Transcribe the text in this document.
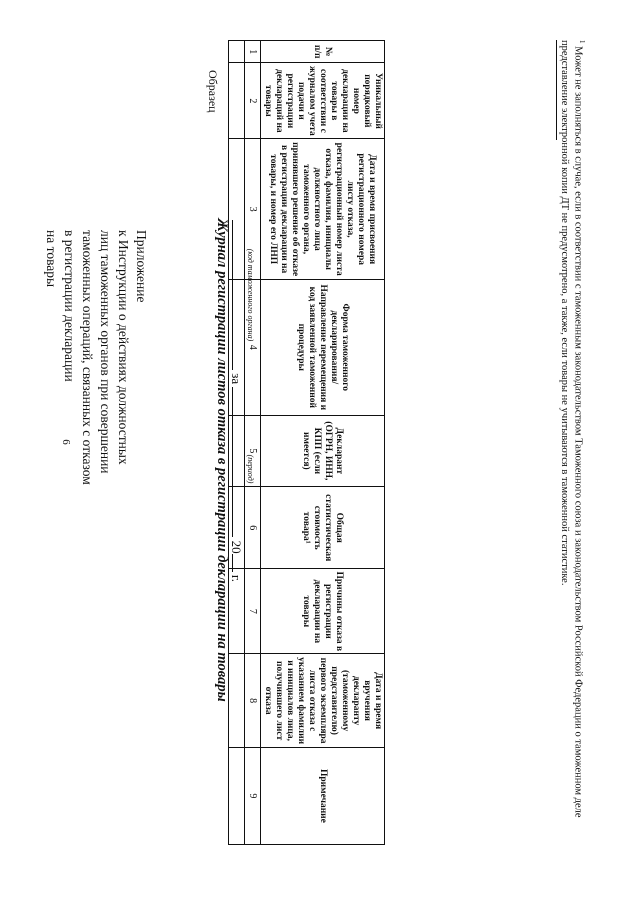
6
Приложение
к Инструкции о действиях должностных
лиц таможенных органов при совершении
таможенных операций, связанных с отказом
в регистрации декларации
на товары
Образец
Журнал регистрации листов отказа в регистрации декларации на товары за  20 г.
(код таможенного органа)  (период)
№ п/п	Уникальный порядковый номер декларации на товары в соответствии с журналом учета подачи и регистрации деклараций на товары	Дата и время присвоения регистрационного номера листу отказа, регистрационный номер листа отказа, фамилия, инициалы должностного лица таможенного органа, принявшего решение об отказе в регистрации декларации на товары, и номер его ЛНП	Форма таможенного декларирования/ Направление перемещения и код заявленной таможенной процедуры	Декларант (ОГРН, ИНН, КПП (если имеется)	Общая статистическая стоимость товара¹	Причины отказа в регистрации декларации на товары	Дата и время вручения декларанту (таможенному представителю) первого экземпляра листа отказа с указанием фамилии и инициалов лица, получившего лист отказа	Примечание
1	2	3	4	5	6	7	8	9

$^1$ Может не заполняться в случае, если в соответствии с таможенным законодательством Таможенного союза и законодательством Российской Федерации о таможенном деле представление электронной копии ДТ не предусмотрено, а также, если товары не учитываются в таможенной статистике.
